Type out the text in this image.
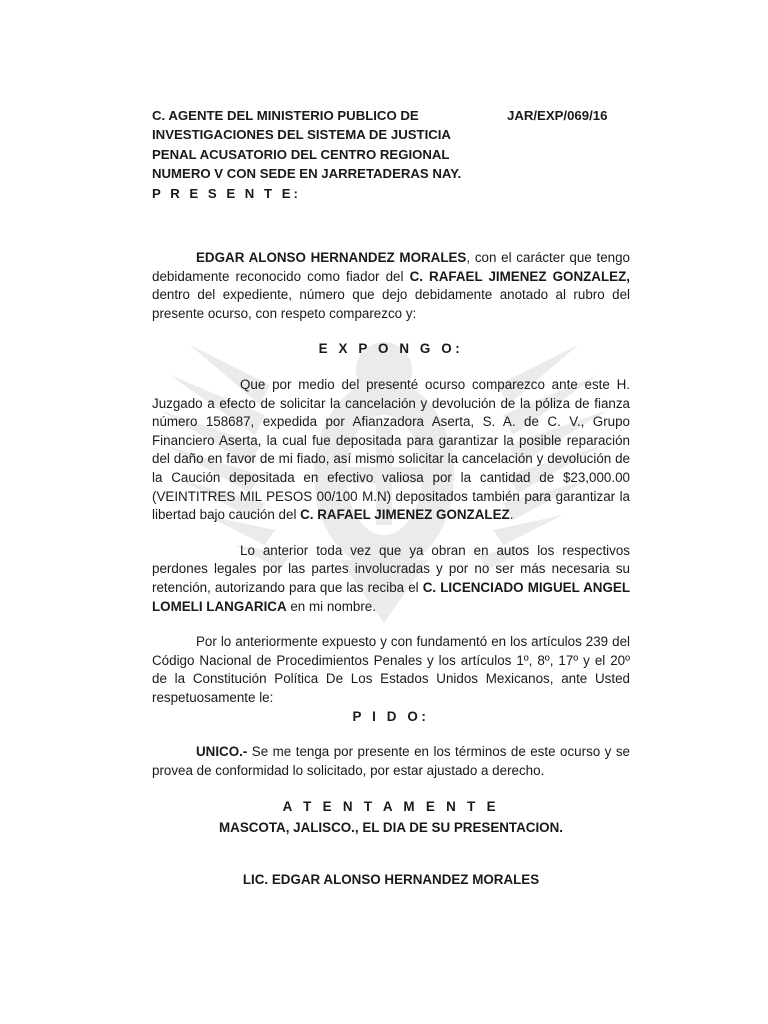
C. AGENTE DEL MINISTERIO PUBLICO DE
INVESTIGACIONES DEL SISTEMA DE JUSTICIA
PENAL ACUSATORIO DEL CENTRO REGIONAL
NUMERO V CON SEDE EN JARRETADERAS NAY.
P R E S E N T E:
JAR/EXP/069/16

EDGAR ALONSO HERNANDEZ MORALES, con el carácter que tengo debidamente reconocido como fiador del C. RAFAEL JIMENEZ GONZALEZ, dentro del expediente, número que dejo debidamente anotado al rubro del presente ocurso, con respeto comparezco y:

E X P O N G O:

Que por medio del presenté ocurso comparezco ante este H. Juzgado a efecto de solicitar la cancelación y devolución de la póliza de fianza número 158687, expedida por Afianzadora Aserta, S. A. de C. V., Grupo Financiero Aserta, la cual fue depositada para garantizar la posible reparación del daño en favor de mi fiado, así mismo solicitar la cancelación y devolución de la Caución depositada en efectivo valiosa por la cantidad de $23,000.00 (VEINTITRES MIL PESOS 00/100 M.N) depositados también para garantizar la libertad bajo caución del C. RAFAEL JIMENEZ GONZALEZ.

Lo anterior toda vez que ya obran en autos los respectivos perdones legales por las partes involucradas y por no ser más necesaria su retención, autorizando para que las reciba el C. LICENCIADO MIGUEL ANGEL LOMELI LANGARICA en mi nombre.

Por lo anteriormente expuesto y con fundamentó en los artículos 239 del Código Nacional de Procedimientos Penales y los artículos 1º, 8º, 17º y el 20º de la Constitución Política De Los Estados Unidos Mexicanos, ante Usted respetuosamente le:

P I D O:

UNICO.- Se me tenga por presente en los términos de este ocurso y se provea de conformidad lo solicitado, por estar ajustado a derecho.

A T E N T A M E N T E
MASCOTA, JALISCO., EL DIA DE SU PRESENTACION.
LIC. EDGAR ALONSO HERNANDEZ MORALES
